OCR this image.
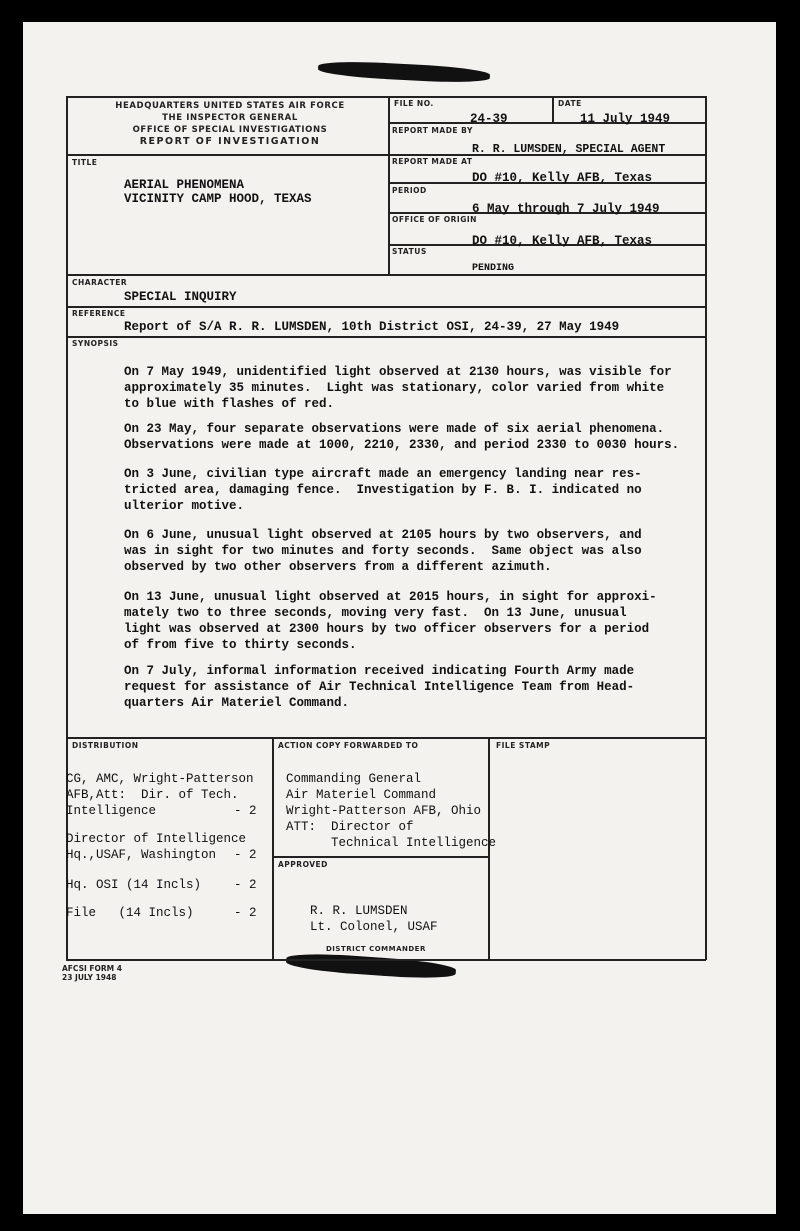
HEADQUARTERS UNITED STATES AIR FORCE
THE INSPECTOR GENERAL
OFFICE OF SPECIAL INVESTIGATIONS
REPORT OF INVESTIGATION
FILE NO.
24-39
DATE
11 July 1949
REPORT MADE BY
R. R. LUMSDEN, SPECIAL AGENT
REPORT MADE AT
DO #10, Kelly AFB, Texas
PERIOD
6 May through 7 July 1949
OFFICE OF ORIGIN
DO #10, Kelly AFB, Texas
STATUS
PENDING
TITLE
AERIAL PHENOMENA
VICINITY CAMP HOOD, TEXAS
CHARACTER
SPECIAL INQUIRY
REFERENCE
Report of S/A R. R. LUMSDEN, 10th District OSI, 24-39, 27 May 1949
SYNOPSIS
On 7 May 1949, unidentified light observed at 2130 hours, was visible for
approximately 35 minutes.  Light was stationary, color varied from white
to blue with flashes of red.
On 23 May, four separate observations were made of six aerial phenomena.
Observations were made at 1000, 2210, 2330, and period 2330 to 0030 hours.
On 3 June, civilian type aircraft made an emergency landing near res-
tricted area, damaging fence.  Investigation by F. B. I. indicated no
ulterior motive.
On 6 June, unusual light observed at 2105 hours by two observers, and
was in sight for two minutes and forty seconds.  Same object was also
observed by two other observers from a different azimuth.
On 13 June, unusual light observed at 2015 hours, in sight for approxi-
mately two to three seconds, moving very fast.  On 13 June, unusual
light was observed at 2300 hours by two officer observers for a period
of from five to thirty seconds.
On 7 July, informal information received indicating Fourth Army made
request for assistance of Air Technical Intelligence Team from Head-
quarters Air Materiel Command.
DISTRIBUTION
CG, AMC, Wright-Patterson
AFB,Att:  Dir. of Tech.
Intelligence	- 2
Director of Intelligence
Hq.,USAF, Washington	- 2
Hq. OSI (14 Incls)	- 2
File   (14 Incls)	- 2
ACTION COPY FORWARDED TO
Commanding General
Air Materiel Command
Wright-Patterson AFB, Ohio
ATT:  Director of
Technical Intelligence
FILE STAMP
APPROVED
R. R. LUMSDEN
Lt. Colonel, USAF
DISTRICT COMMANDER
AFCSI FORM 4
23 JULY 1948
